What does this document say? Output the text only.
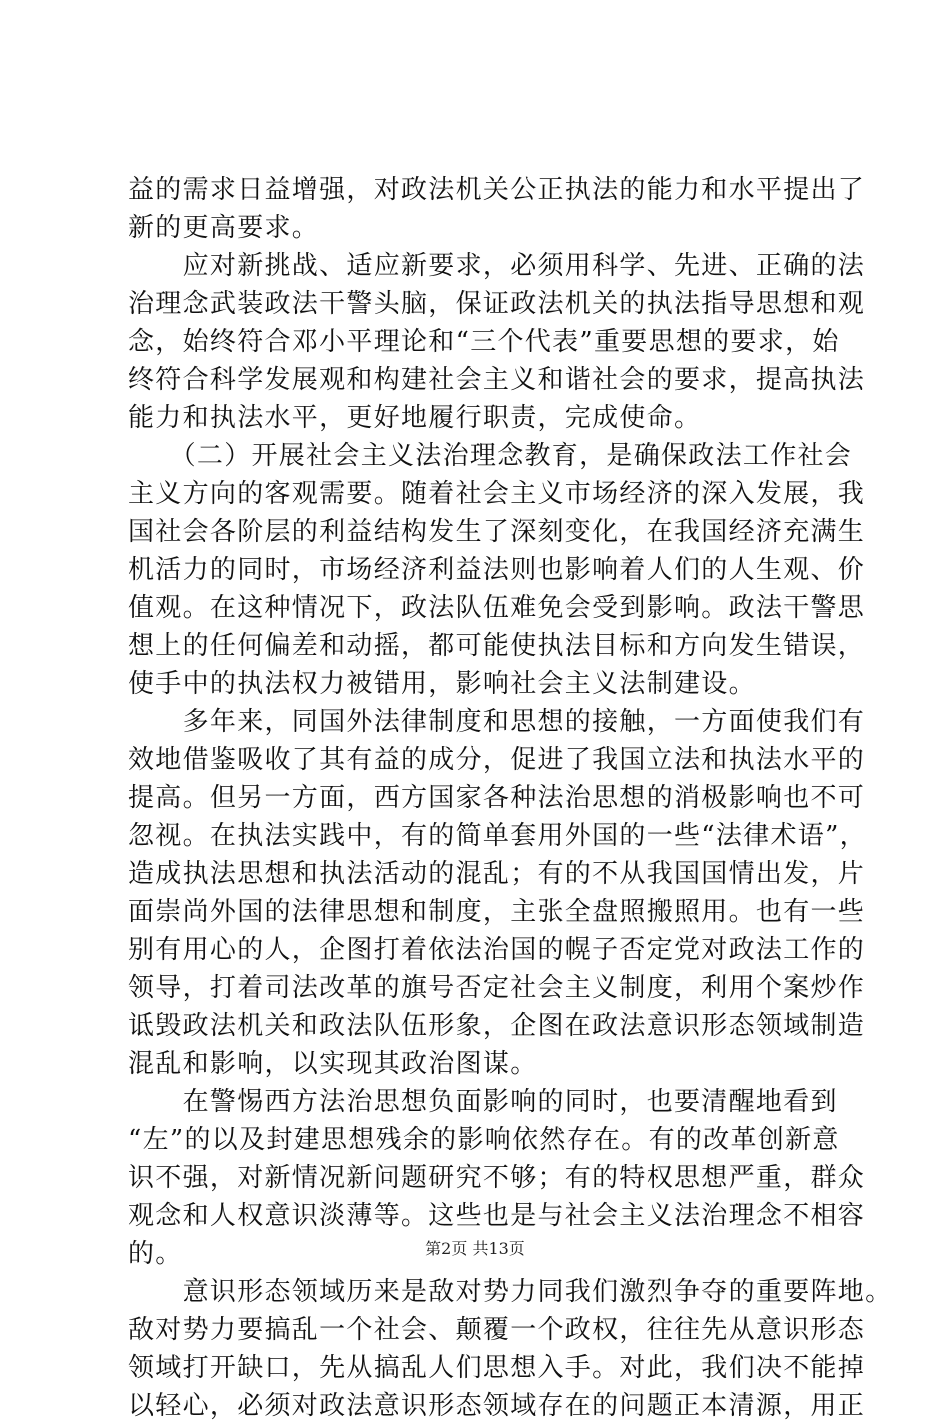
益的需求日益增强，对政法机关公正执法的能力和水平提出了
新的更高要求。
　　应对新挑战、适应新要求，必须用科学、先进、正确的法
治理念武装政法干警头脑，保证政法机关的执法指导思想和观
念，始终符合邓小平理论和“三个代表”重要思想的要求，始
终符合科学发展观和构建社会主义和谐社会的要求，提高执法
能力和执法水平，更好地履行职责，完成使命。
　　（二）开展社会主义法治理念教育，是确保政法工作社会
主义方向的客观需要。随着社会主义市场经济的深入发展，我
国社会各阶层的利益结构发生了深刻变化，在我国经济充满生
机活力的同时，市场经济利益法则也影响着人们的人生观、价
值观。在这种情况下，政法队伍难免会受到影响。政法干警思
想上的任何偏差和动摇，都可能使执法目标和方向发生错误，
使手中的执法权力被错用，影响社会主义法制建设。
　　多年来，同国外法律制度和思想的接触，一方面使我们有
效地借鉴吸收了其有益的成分，促进了我国立法和执法水平的
提高。但另一方面，西方国家各种法治思想的消极影响也不可
忽视。在执法实践中，有的简单套用外国的一些“法律术语”，
造成执法思想和执法活动的混乱；有的不从我国国情出发，片
面崇尚外国的法律思想和制度，主张全盘照搬照用。也有一些
别有用心的人，企图打着依法治国的幌子否定党对政法工作的
领导，打着司法改革的旗号否定社会主义制度，利用个案炒作
诋毁政法机关和政法队伍形象，企图在政法意识形态领域制造
混乱和影响，以实现其政治图谋。
　　在警惕西方法治思想负面影响的同时，也要清醒地看到
“左”的以及封建思想残余的影响依然存在。有的改革创新意
识不强，对新情况新问题研究不够；有的特权思想严重，群众
观念和人权意识淡薄等。这些也是与社会主义法治理念不相容
的。
　　意识形态领域历来是敌对势力同我们激烈争夺的重要阵地。
敌对势力要搞乱一个社会、颠覆一个政权，往往先从意识形态
领域打开缺口，先从搞乱人们思想入手。对此，我们决不能掉
以轻心，必须对政法意识形态领域存在的问题正本清源，用正
第2页 共13页
